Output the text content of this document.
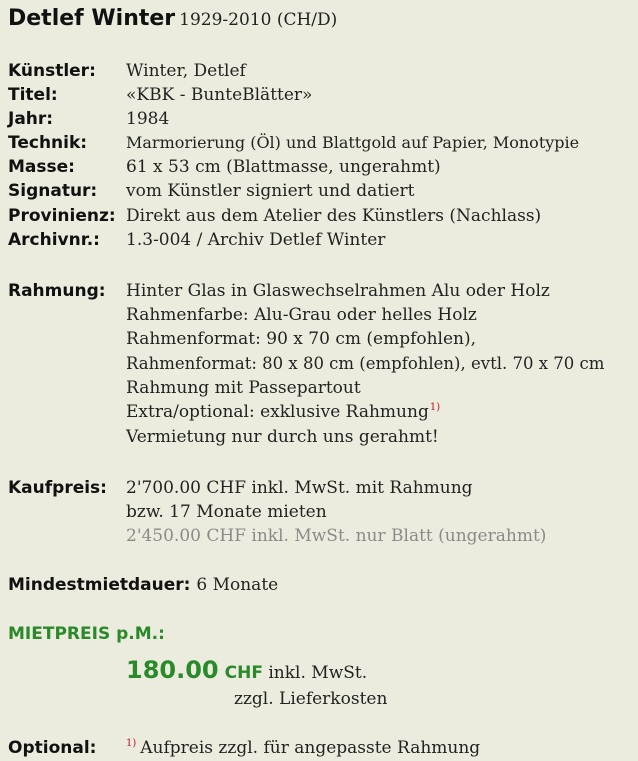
Detlef Winter 1929-2010 (CH/D)
Künstler: Winter, Detlef
Titel:	«KBK - BunteBlätter»
Jahr:	1984
Technik: Marmorierung (Öl) und Blattgold auf Papier, Monotypie
Masse:	61 x 53 cm (Blattmasse, ungerahmt)
Signatur: vom Künstler signiert und datiert
Provinienz: Direkt aus dem Atelier des Künstlers (Nachlass)
Archivnr.: 1.3-004 / Archiv Detlef Winter
Rahmung: Hinter Glas in Glaswechselrahmen Alu oder Holz
Rahmenfarbe: Alu-Grau oder helles Holz
Rahmenformat: 90 x 70 cm (empfohlen),
Rahmenformat: 80 x 80 cm (empfohlen), evtl. 70 x 70 cm
Rahmung mit Passepartout
Extra/optional: exklusive Rahmung$^{1)}$
Vermietung nur durch uns gerahmt!
Kaufpreis: 2'700.00 CHF inkl. MwSt. mit Rahmung
bzw. 17 Monate mieten
2'450.00 CHF inkl. MwSt. nur Blatt (ungerahmt)
Mindestmietdauer: 6 Monate
MIETPREIS p.M.:
180.00 CHF inkl. MwSt.
zzgl. Lieferkosten
Optional:	$^{1)}$ Aufpreis zzgl. für angepasste Rahmung
